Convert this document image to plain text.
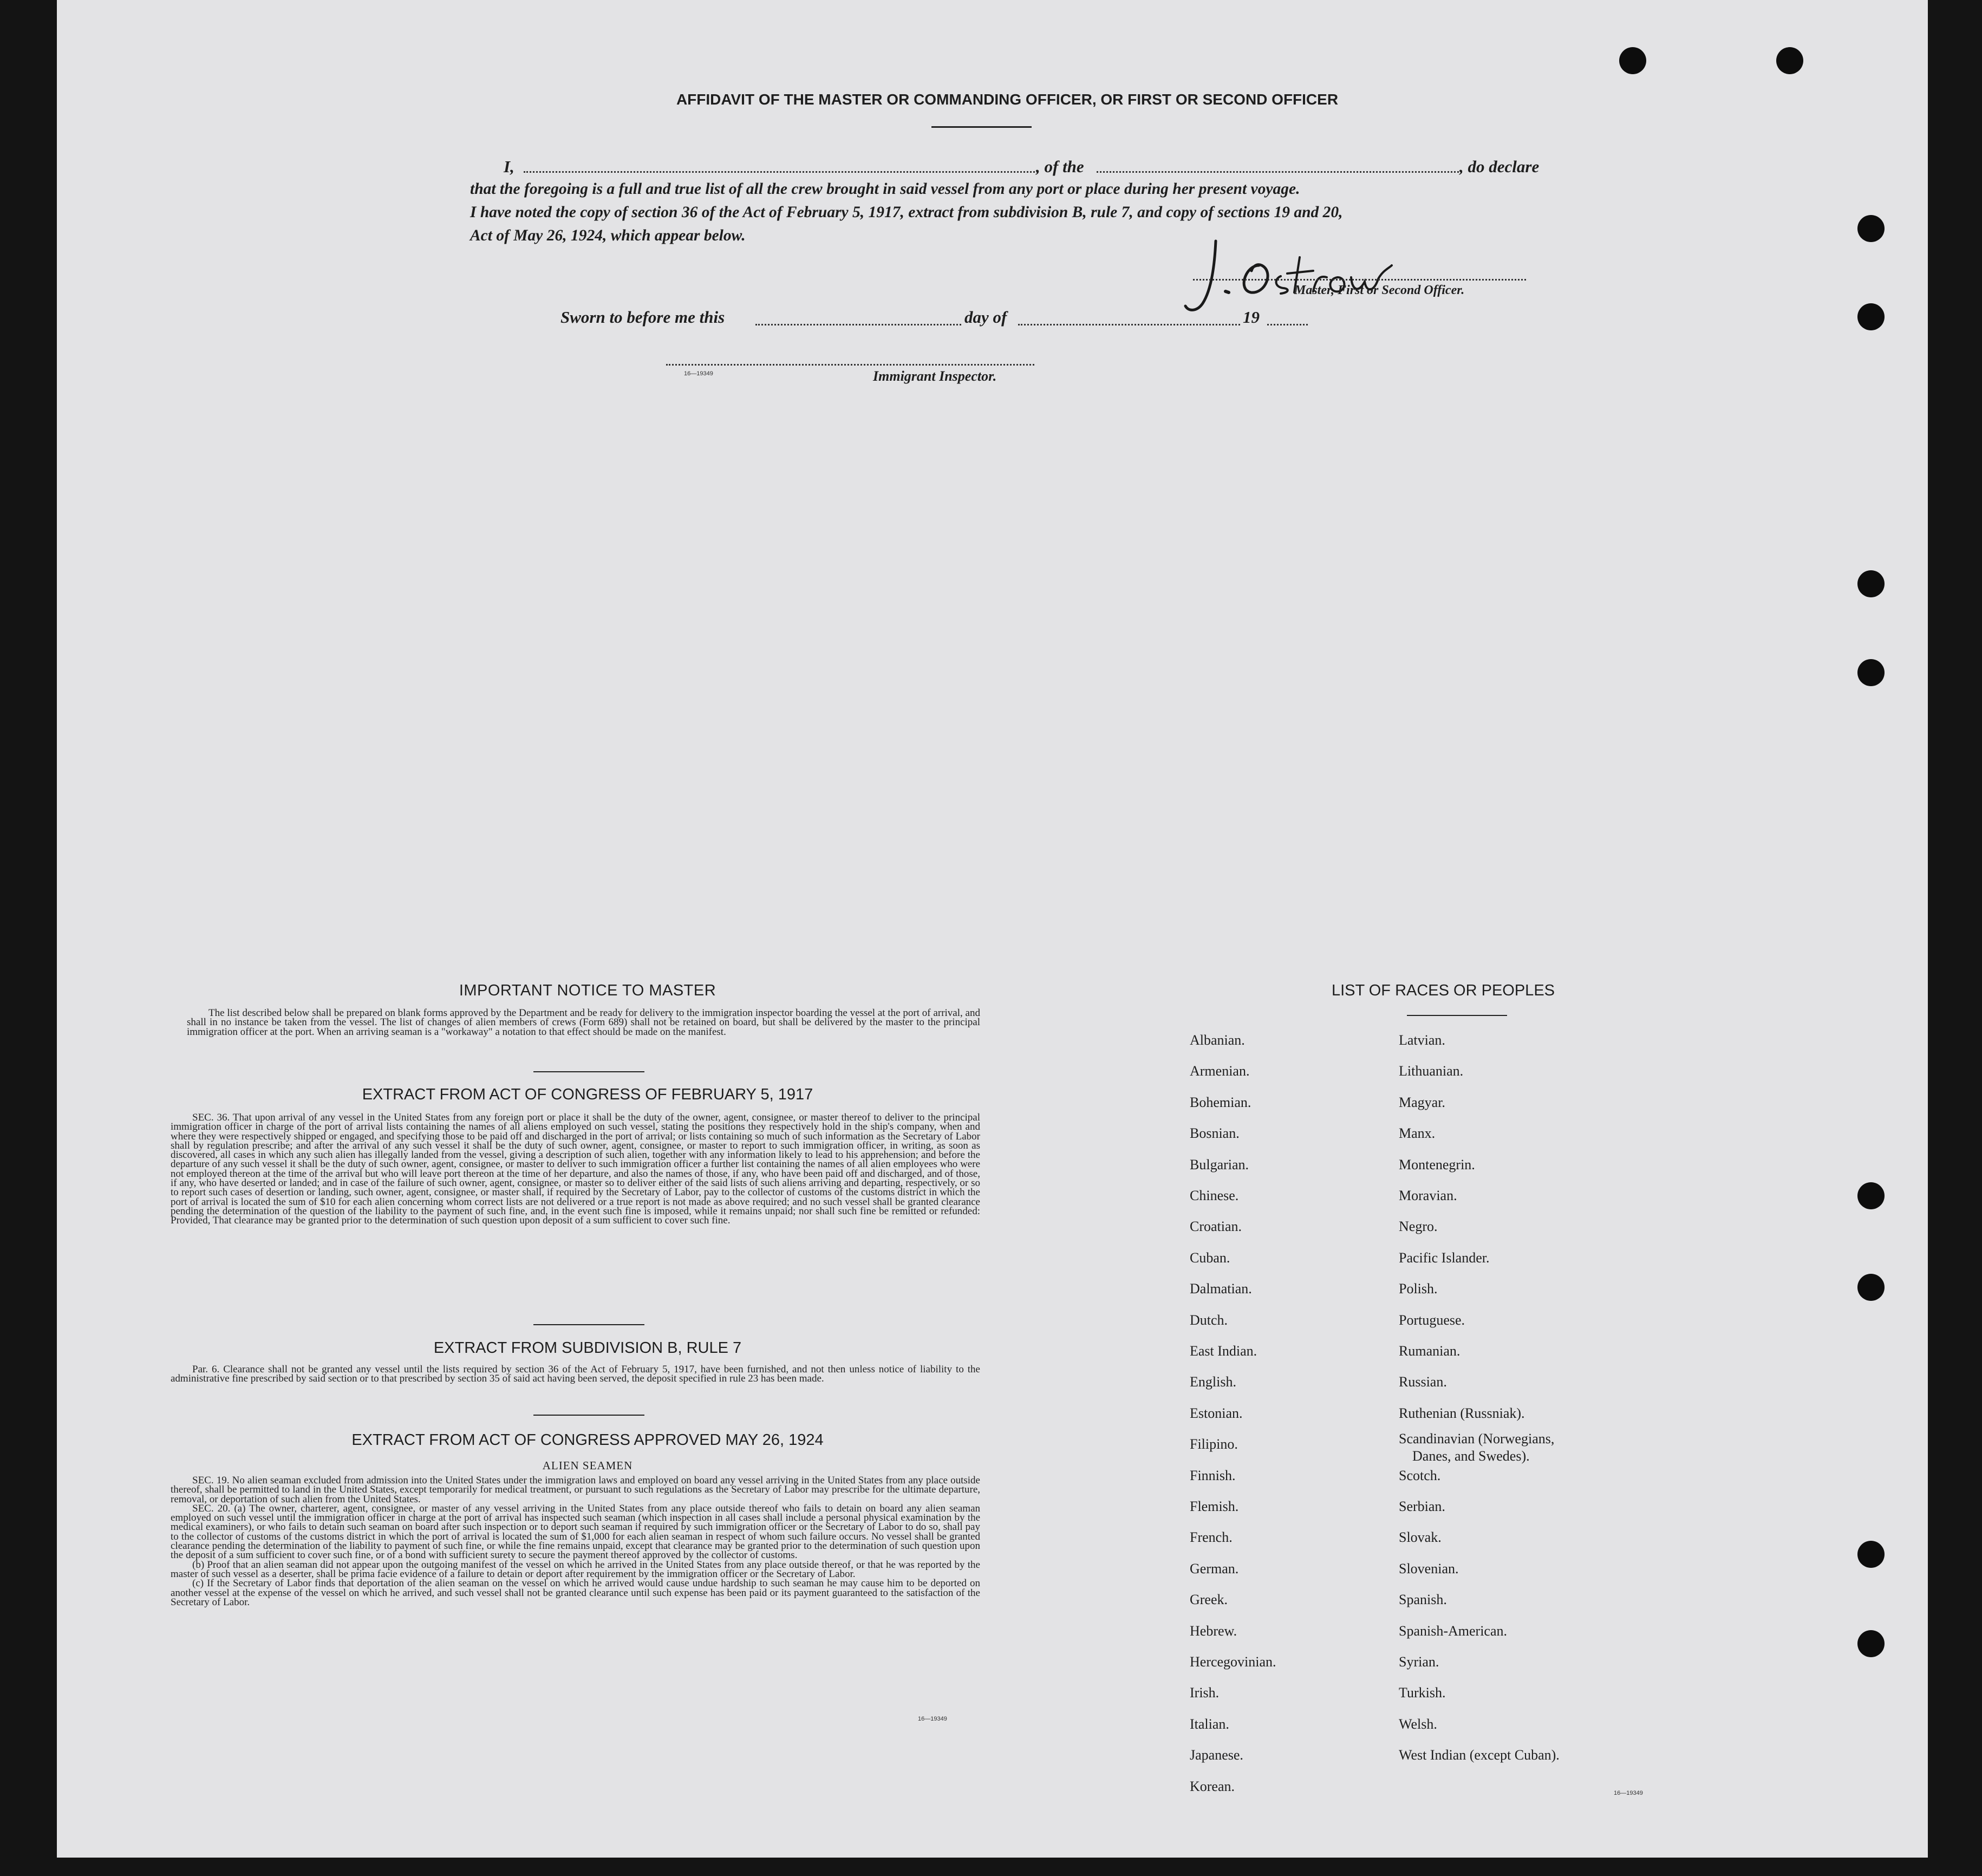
AFFIDAVIT OF THE MASTER OR COMMANDING OFFICER, OR FIRST OR SECOND OFFICER
I,	, of the	, do declare
that the foregoing is a full and true list of all the crew brought in said vessel from any port or place during her present voyage.
I have noted the copy of section 36 of the Act of February 5, 1917, extract from subdivision B, rule 7, and copy of sections 19 and 20,
Act of May 26, 1924, which appear below.
Master, First or Second Officer.
Sworn to before me this	day of	19
16—19349	Immigrant Inspector.
IMPORTANT NOTICE TO MASTER

The list described below shall be prepared on blank forms approved by the Department and be ready for delivery to the immigration inspector boarding the vessel at the port of arrival, and shall in no instance be taken from the vessel. The list of changes of alien members of crews (Form 689) shall not be retained on board, but shall be delivered by the master to the principal immigration officer at the port. When an arriving seaman is a "workaway" a notation to that effect should be made on the manifest.

EXTRACT FROM ACT OF CONGRESS OF FEBRUARY 5, 1917

SEC. 36. That upon arrival of any vessel in the United States from any foreign port or place it shall be the duty of the owner, agent, consignee, or master thereof to deliver to the principal immigration officer in charge of the port of arrival lists containing the names of all aliens employed on such vessel, stating the positions they respectively hold in the ship's company, when and where they were respectively shipped or engaged, and specifying those to be paid off and discharged in the port of arrival; or lists containing so much of such information as the Secretary of Labor shall by regulation prescribe; and after the arrival of any such vessel it shall be the duty of such owner, agent, consignee, or master to report to such immigration officer, in writing, as soon as discovered, all cases in which any such alien has illegally landed from the vessel, giving a description of such alien, together with any information likely to lead to his apprehension; and before the departure of any such vessel it shall be the duty of such owner, agent, consignee, or master to deliver to such immigration officer a further list containing the names of all alien employees who were not employed thereon at the time of the arrival but who will leave port thereon at the time of her departure, and also the names of those, if any, who have been paid off and discharged, and of those, if any, who have deserted or landed; and in case of the failure of such owner, agent, consignee, or master so to deliver either of the said lists of such aliens arriving and departing, respectively, or so to report such cases of desertion or landing, such owner, agent, consignee, or master shall, if required by the Secretary of Labor, pay to the collector of customs of the customs district in which the port of arrival is located the sum of $10 for each alien concerning whom correct lists are not delivered or a true report is not made as above required; and no such vessel shall be granted clearance pending the determination of the question of the liability to the payment of such fine, and, in the event such fine is imposed, while it remains unpaid; nor shall such fine be remitted or refunded: Provided, That clearance may be granted prior to the determination of such question upon deposit of a sum sufficient to cover such fine.

EXTRACT FROM SUBDIVISION B, RULE 7

Par. 6. Clearance shall not be granted any vessel until the lists required by section 36 of the Act of February 5, 1917, have been furnished, and not then unless notice of liability to the administrative fine prescribed by said section or to that prescribed by section 35 of said act having been served, the deposit specified in rule 23 has been made.

EXTRACT FROM ACT OF CONGRESS APPROVED MAY 26, 1924
ALIEN SEAMEN

SEC. 19. No alien seaman excluded from admission into the United States under the immigration laws and employed on board any vessel arriving in the United States from any place outside thereof, shall be permitted to land in the United States, except temporarily for medical treatment, or pursuant to such regulations as the Secretary of Labor may prescribe for the ultimate departure, removal, or deportation of such alien from the United States.

SEC. 20. (a) The owner, charterer, agent, consignee, or master of any vessel arriving in the United States from any place outside thereof who fails to detain on board any alien seaman employed on such vessel until the immigration officer in charge at the port of arrival has inspected such seaman (which inspection in all cases shall include a personal physical examination by the medical examiners), or who fails to detain such seaman on board after such inspection or to deport such seaman if required by such immigration officer or the Secretary of Labor to do so, shall pay to the collector of customs of the customs district in which the port of arrival is located the sum of $1,000 for each alien seaman in respect of whom such failure occurs. No vessel shall be granted clearance pending the determination of the liability to payment of such fine, or while the fine remains unpaid, except that clearance may be granted prior to the determination of such question upon the deposit of a sum sufficient to cover such fine, or of a bond with sufficient surety to secure the payment thereof approved by the collector of customs.

(b) Proof that an alien seaman did not appear upon the outgoing manifest of the vessel on which he arrived in the United States from any place outside thereof, or that he was reported by the master of such vessel as a deserter, shall be prima facie evidence of a failure to detain or deport after requirement by the immigration officer or the Secretary of Labor.

(c) If the Secretary of Labor finds that deportation of the alien seaman on the vessel on which he arrived would cause undue hardship to such seaman he may cause him to be deported on another vessel at the expense of the vessel on which he arrived, and such vessel shall not be granted clearance until such expense has been paid or its payment guaranteed to the satisfaction of the Secretary of Labor.

16—19349
LIST OF RACES OR PEOPLES
16—19349
Albanian.
Armenian.
Bohemian.
Bosnian.
Bulgarian.
Chinese.
Croatian.
Cuban.
Dalmatian.
Dutch.
East Indian.
English.
Estonian.
Filipino.
Finnish.
Flemish.
French.
German.
Greek.
Hebrew.
Hercegovinian.
Irish.
Italian.
Japanese.
Korean.
Latvian.
Lithuanian.
Magyar.
Manx.
Montenegrin.
Moravian.
Negro.
Pacific Islander.
Polish.
Portuguese.
Rumanian.
Russian.
Ruthenian (Russniak).
Scandinavian (Norwegians,
Danes, and Swedes).
Scotch.
Serbian.
Slovak.
Slovenian.
Spanish.
Spanish-American.
Syrian.
Turkish.
Welsh.
West Indian (except Cuban).
